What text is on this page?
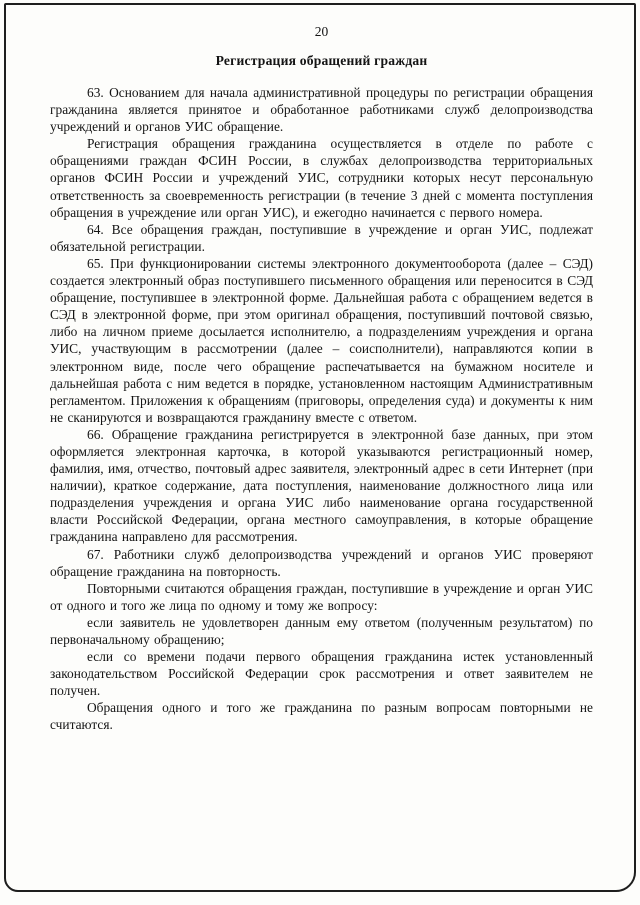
20
Регистрация обращений граждан

63. Основанием для начала административной процедуры по регистрации обращения гражданина является принятое и обработанное работниками служб делопроизводства учреждений и органов УИС обращение.

Регистрация обращения гражданина осуществляется в отделе по работе с обращениями граждан ФСИН России, в службах делопроизводства территориальных органов ФСИН России и учреждений УИС, сотрудники которых несут персональную ответственность за своевременность регистрации (в течение 3 дней с момента поступления обращения в учреждение или орган УИС), и ежегодно начинается с первого номера.

64. Все обращения граждан, поступившие в учреждение и орган УИС, подлежат обязательной регистрации.

65. При функционировании системы электронного документооборота (далее – СЭД) создается электронный образ поступившего письменного обращения или переносится в СЭД обращение, поступившее в электронной форме. Дальнейшая работа с обращением ведется в СЭД в электронной форме, при этом оригинал обращения, поступивший почтовой связью, либо на личном приеме досылается исполнителю, а подразделениям учреждения и органа УИС, участвующим в рассмотрении (далее – соисполнители), направляются копии в электронном виде, после чего обращение распечатывается на бумажном носителе и дальнейшая работа с ним ведется в порядке, установленном настоящим Административным регламентом. Приложения к обращениям (приговоры, определения суда) и документы к ним не сканируются и возвращаются гражданину вместе с ответом.

66. Обращение гражданина регистрируется в электронной базе данных, при этом оформляется электронная карточка, в которой указываются регистрационный номер, фамилия, имя, отчество, почтовый адрес заявителя, электронный адрес в сети Интернет (при наличии), краткое содержание, дата поступления, наименование должностного лица или подразделения учреждения и органа УИС либо наименование органа государственной власти Российской Федерации, органа местного самоуправления, в которые обращение гражданина направлено для рассмотрения.

67. Работники служб делопроизводства учреждений и органов УИС проверяют обращение гражданина на повторность.

Повторными считаются обращения граждан, поступившие в учреждение и орган УИС от одного и того же лица по одному и тому же вопросу:

если заявитель не удовлетворен данным ему ответом (полученным результатом) по первоначальному обращению;

если со времени подачи первого обращения гражданина истек установленный законодательством Российской Федерации срок рассмотрения и ответ заявителем не получен.

Обращения одного и того же гражданина по разным вопросам повторными не считаются.
